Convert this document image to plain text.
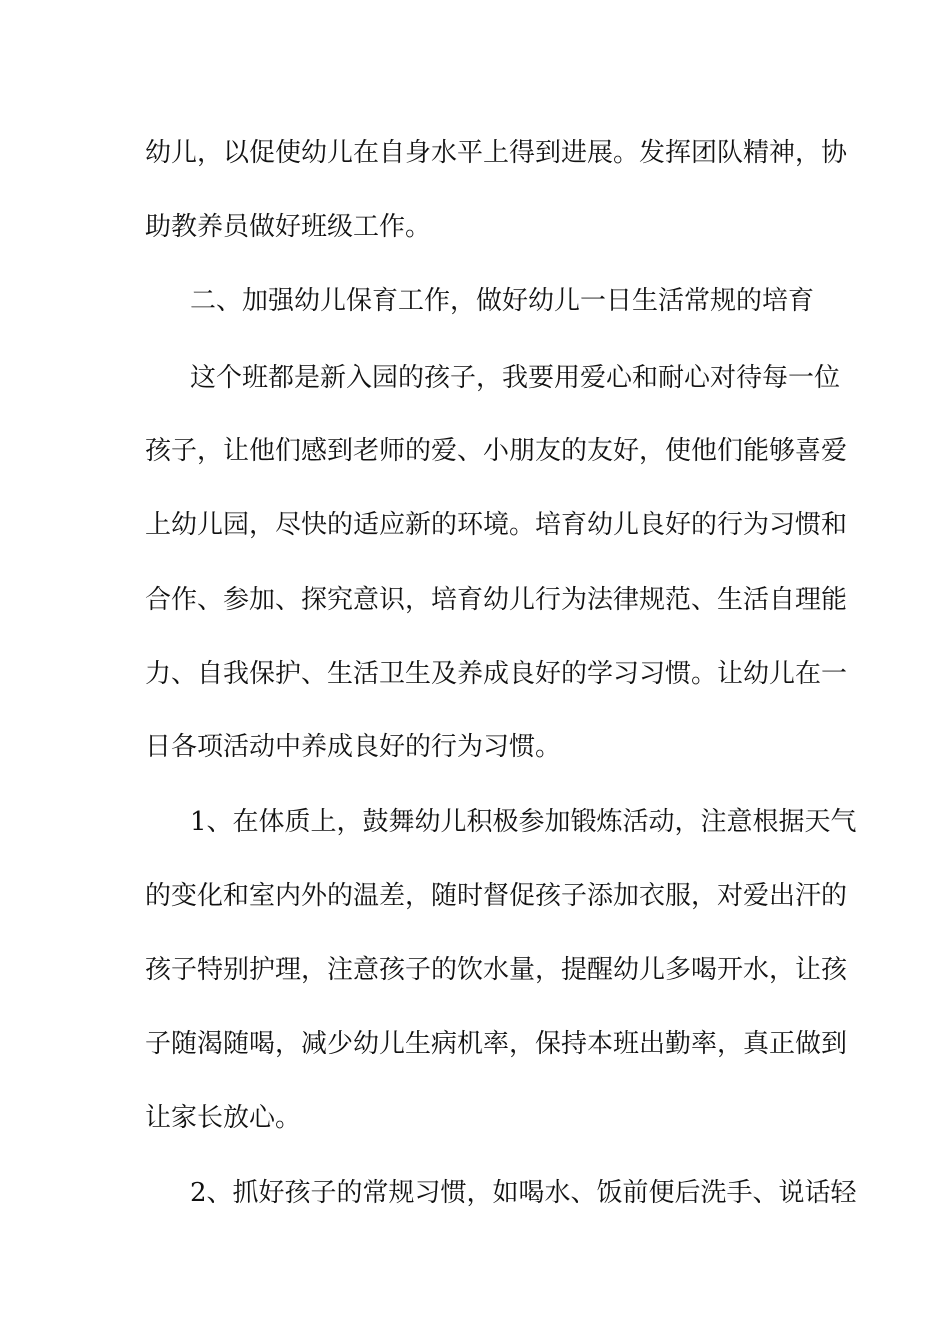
幼儿，以促使幼儿在自身水平上得到进展。发挥团队精神，协
助教养员做好班级工作。
二、加强幼儿保育工作，做好幼儿一日生活常规的培育
这个班都是新入园的孩子，我要用爱心和耐心对待每一位
孩子，让他们感到老师的爱、小朋友的友好，使他们能够喜爱
上幼儿园，尽快的适应新的环境。培育幼儿良好的行为习惯和
合作、参加、探究意识，培育幼儿行为法律规范、生活自理能
力、自我保护、生活卫生及养成良好的学习习惯。让幼儿在一
日各项活动中养成良好的行为习惯。
1、在体质上，鼓舞幼儿积极参加锻炼活动，注意根据天气
的变化和室内外的温差，随时督促孩子添加衣服，对爱出汗的
孩子特别护理，注意孩子的饮水量，提醒幼儿多喝开水，让孩
子随渴随喝，减少幼儿生病机率，保持本班出勤率，真正做到
让家长放心。
2、抓好孩子的常规习惯，如喝水、饭前便后洗手、说话轻
